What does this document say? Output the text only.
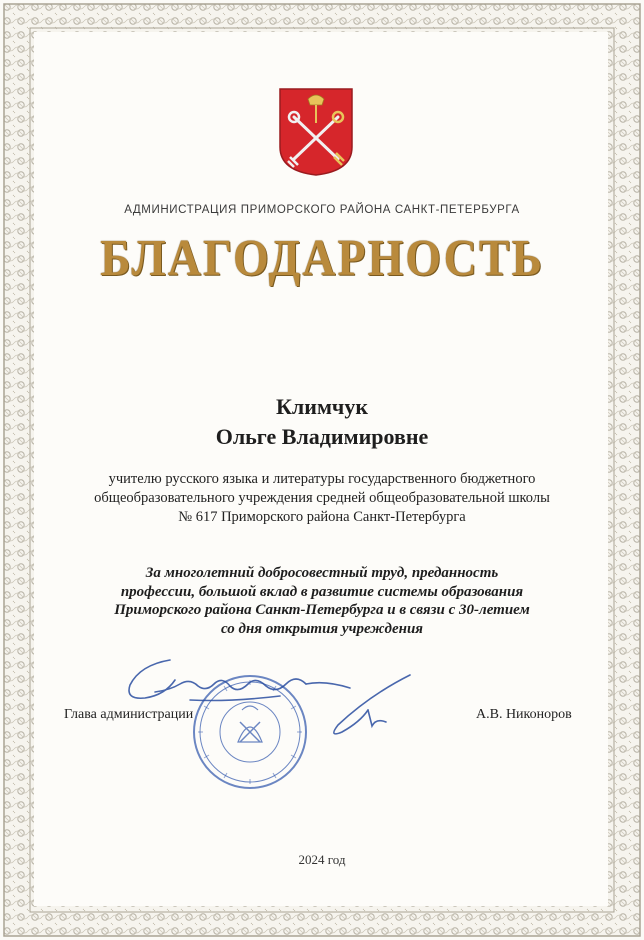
АДМИНИСТРАЦИЯ ПРИМОРСКОГО РАЙОНА САНКТ-ПЕТЕРБУРГА
БЛАГОДАРНОСТЬ
Климчук
Ольге Владимировне
учителю русского языка и литературы государственного бюджетного
общеобразовательного учреждения средней общеобразовательной школы
№ 617 Приморского района Санкт-Петербурга
За многолетний добросовестный труд, преданность
профессии, большой вклад в развитие системы образования
Приморского района Санкт-Петербурга и в связи с 30-летием
со дня открытия учреждения
Глава администрации	А.В. Никоноров
2024 год
